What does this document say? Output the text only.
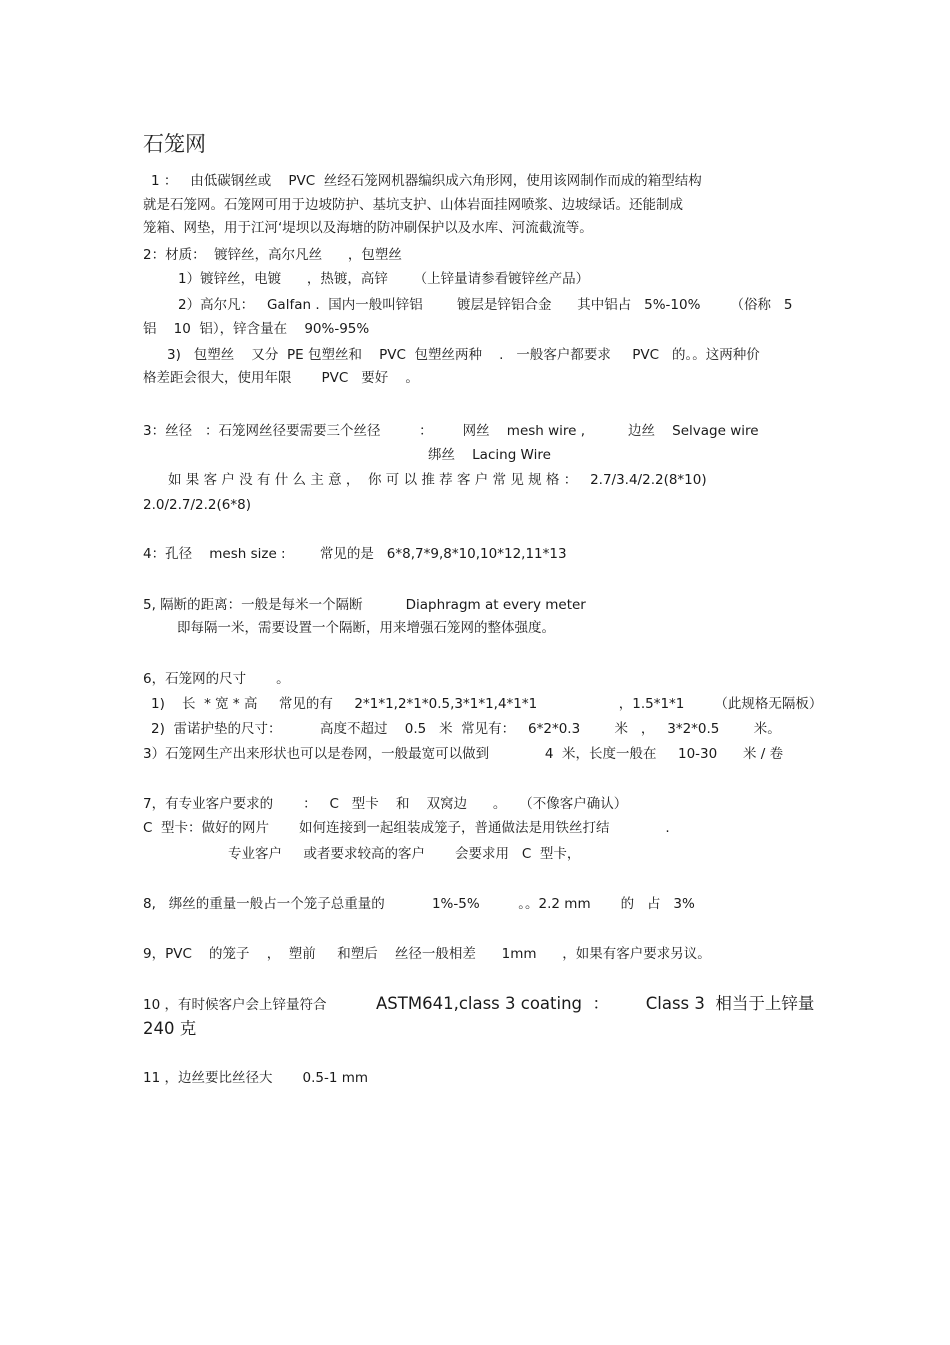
石笼网
1 ：   由低碳钢丝或    PVC  丝经石笼网机器编织成六角形网，使用该网制作而成的箱型结构
就是石笼网。石笼网可用于边坡防护、基坑支护、山体岩面挂网喷浆、边坡绿话。还能制成
笼箱、网垫，用于江河‘堤坝以及海塘的防冲刷保护以及水库、河流截流等。
2：材质：  镀锌丝，高尔凡丝      ，包塑丝
1）镀锌丝，电镀      ，热镀，高锌      （上锌量请参看镀锌丝产品）
2）高尔凡：   Galfan .  国内一般叫锌铝        镀层是锌铝合金      其中铝占   5%-10%       （俗称   5
铝    10  铝），锌含量在    90%-95%
3)   包塑丝    又分  PE 包塑丝和    PVC  包塑丝两种    .   一般客户都要求     PVC   的。。这两种价
格差距会很大，使用年限       PVC   要好    。
3：丝径   ：石笼网丝径要需要三个丝径         ：       网丝    mesh wire ,          边丝    Selvage wire
绑丝    Lacing Wire
如 果 客 户 没 有 什 么 主 意 ，  你 可 以 推 荐 客 户 常 见 规 格 ：   2.7/3.4/2.2(8*10)
2.0/2.7/2.2(6*8)
4：孔径    mesh size :        常见的是   6*8,7*9,8*10,10*12,11*13
5, 隔断的距离：一般是每米一个隔断          Diaphragm at every meter
即每隔一米，需要设置一个隔断，用来增强石笼网的整体强度。
6，石笼网的尺寸       。
1)    长  * 宽 * 高     常见的有     2*1*1,2*1*0.5,3*1*1,4*1*1                   ，1.5*1*1       （此规格无隔板）
2)  雷诺护垫的尺寸：         高度不超过    0.5   米  常见有：   6*2*0.3        米   ，   3*2*0.5        米。
3）石笼网生产出来形状也可以是卷网，一般最宽可以做到             4  米，长度一般在     10-30      米 / 卷
7，有专业客户要求的       ：   C   型卡    和    双窝边      。   （不像客户确认）
C  型卡：做好的网片       如何连接到一起组装成笼子，普通做法是用铁丝打结             .
专业客户     或者要求较高的客户       会要求用   C  型卡，
8,   绑丝的重量一般占一个笼子总重量的           1%-5%         。。2.2 mm       的   占   3%
9，PVC    的笼子    ，  塑前     和塑后    丝径一般相差      1mm      ，如果有客户要求另议。
10 ，有时候客户会上锌量符合	ASTM641,class 3 coating  ：       Class 3  相当于上锌量
240 克
11 ，边丝要比丝径大       0.5-1 mm
